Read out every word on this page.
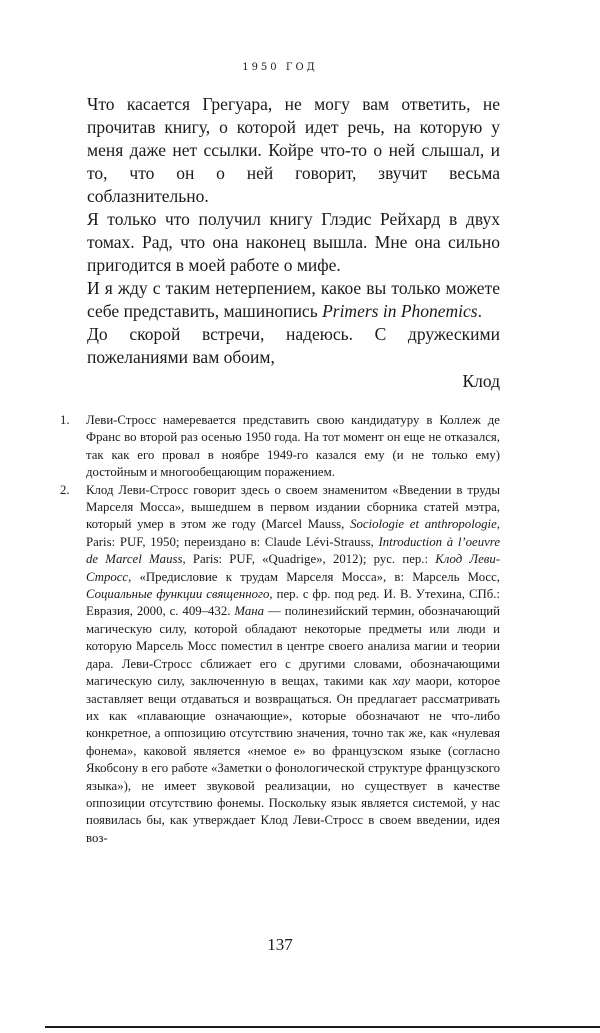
1950 ГОД

Что касается Грегуара, не могу вам ответить, не прочитав книгу, о которой идет речь, на которую у меня даже нет ссылки. Койре что-то о ней слышал, и то, что он о ней говорит, звучит весьма соблазнительно.

Я только что получил книгу Глэдис Рейхард в двух томах. Рад, что она наконец вышла. Мне она сильно пригодится в моей работе о мифе.

И я жду с таким нетерпением, какое вы только можете себе представить, машинопись Primers in Phonemics.

До скорой встречи, надеюсь. С дружескими пожеланиями вам обоим,

Клод

1. Леви-Стросс намеревается представить свою кандидатуру в Коллеж де Франс во второй раз осенью 1950 года. На тот момент он еще не отказался, так как его провал в ноябре 1949-го казался ему (и не только ему) достойным и многообещающим поражением.

2. Клод Леви-Стросс говорит здесь о своем знаменитом «Введении в труды Марселя Мосса», вышедшем в первом издании сборника статей мэтра, который умер в этом же году (Marcel Mauss, Sociologie et anthropologie, Paris: PUF, 1950; переиздано в: Claude Lévi-Strauss, Introduction à l’oeuvre de Marcel Mauss, Paris: PUF, «Quadrige», 2012); рус. пер.: Клод Леви-Стросс, «Предисловие к трудам Марселя Мосса», в: Марсель Мосс, Социальные функции священного, пер. с фр. под ред. И. В. Утехина, СПб.: Евразия, 2000, с. 409–432. Мана — полинезийский термин, обозначающий магическую силу, которой обладают некоторые предметы или люди и которую Марсель Мосс поместил в центре своего анализа магии и теории дара. Леви-Стросс сближает его с другими словами, обозначающими магическую силу, заключенную в вещах, такими как хау маори, которое заставляет вещи отдаваться и возвращаться. Он предлагает рассматривать их как «плавающие означающие», которые обозначают не что-либо конкретное, а оппозицию отсутствию значения, точно так же, как «нулевая фонема», каковой является «немое е» во французском языке (согласно Якобсону в его работе «Заметки о фонологической структуре французского языка»), не имеет звуковой реализации, но существует в качестве оппозиции отсутствию фонемы. Поскольку язык является системой, у нас появилась бы, как утверждает Клод Леви-Стросс в своем введении, идея воз-

137
